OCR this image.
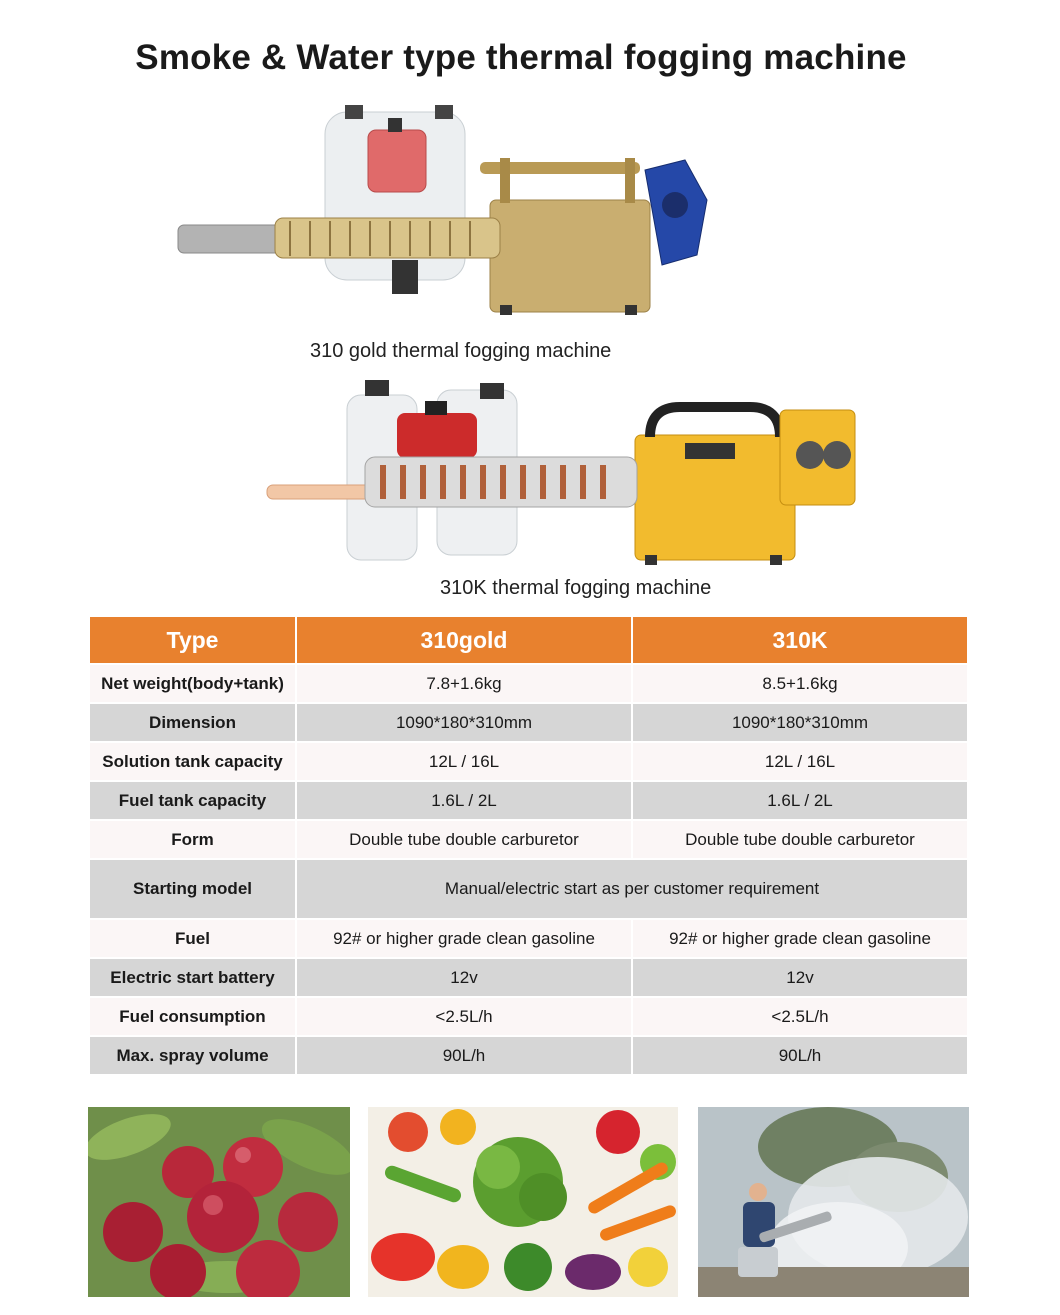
Smoke & Water type thermal fogging machine
310 gold thermal fogging machine
310K thermal fogging machine
Type	310gold	310K
Net weight(body+tank)	7.8+1.6kg	8.5+1.6kg
Dimension	1090*180*310mm	1090*180*310mm
Solution tank capacity	12L / 16L	12L / 16L
Fuel tank capacity	1.6L / 2L	1.6L / 2L
Form	Double tube double carburetor	Double tube double carburetor
Starting model	Manual/electric start as per customer requirement
Fuel	92# or higher grade clean gasoline	92# or higher grade clean gasoline
Electric start battery	12v	12v
Fuel consumption	<2.5L/h	<2.5L/h
Max. spray volume	90L/h	90L/h
